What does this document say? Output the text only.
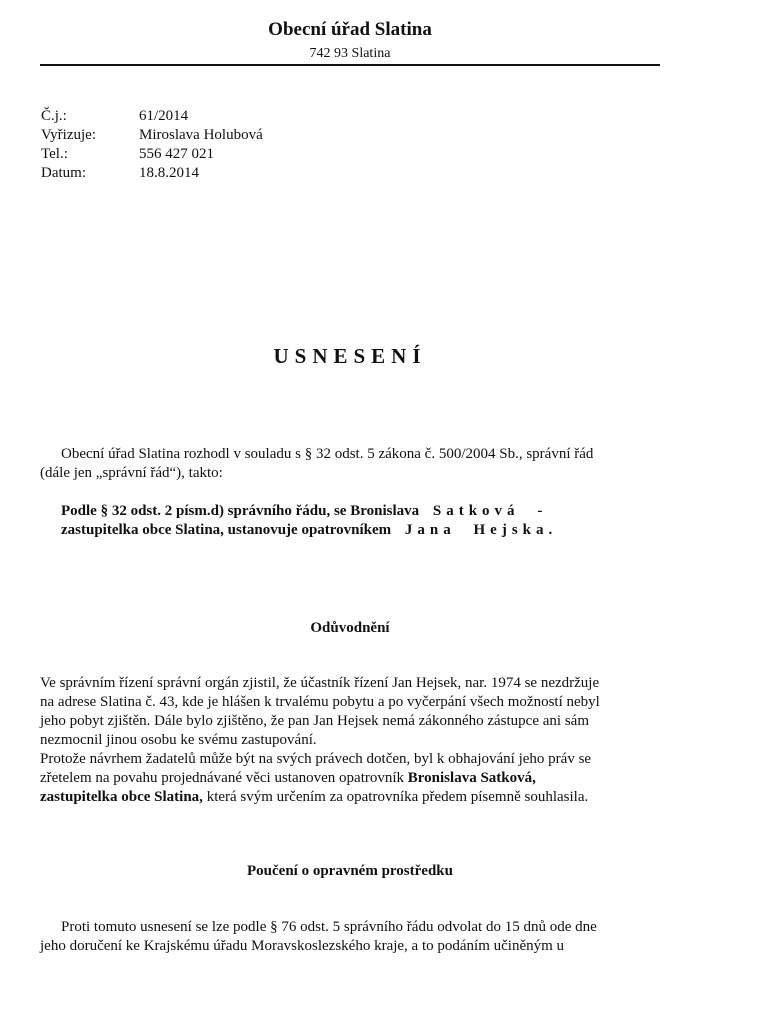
Obecní úřad Slatina
742 93 Slatina
Č.j.:	61/2014
Vyřizuje:	Miroslava Holubová
Tel.:	556 427 021
Datum:	18.8.2014
USNESENÍ
Obecní úřad Slatina rozhodl v souladu s § 32 odst. 5 zákona č. 500/2004 Sb., správní řád
(dále jen „správní řád“), takto:
Podle § 32 odst. 2 písm.d) správního řádu, se Bronislava Satková -
zastupitelka obce Slatina, ustanovuje opatrovníkem Jana Hejska.
Odůvodnění
Ve správním řízení správní orgán zjistil, že účastník řízení Jan Hejsek, nar. 1974 se nezdržuje
na adrese Slatina č. 43, kde je hlášen k trvalému pobytu a po vyčerpání všech možností nebyl
jeho pobyt zjištěn. Dále bylo zjištěno, že pan Jan Hejsek nemá zákonného zástupce ani sám
nezmocnil jinou osobu ke svému zastupování.
Protože návrhem žadatelů může být na svých právech dotčen, byl k obhajování jeho práv se
zřetelem na povahu projednávané věci ustanoven opatrovník Bronislava Satková,
zastupitelka obce Slatina, která svým určením za opatrovníka předem písemně souhlasila.
Poučení o opravném prostředku
Proti tomuto usnesení se lze podle § 76 odst. 5 správního řádu odvolat do 15 dnů ode dne
jeho doručení ke Krajskému úřadu Moravskoslezského kraje, a to podáním učiněným u
